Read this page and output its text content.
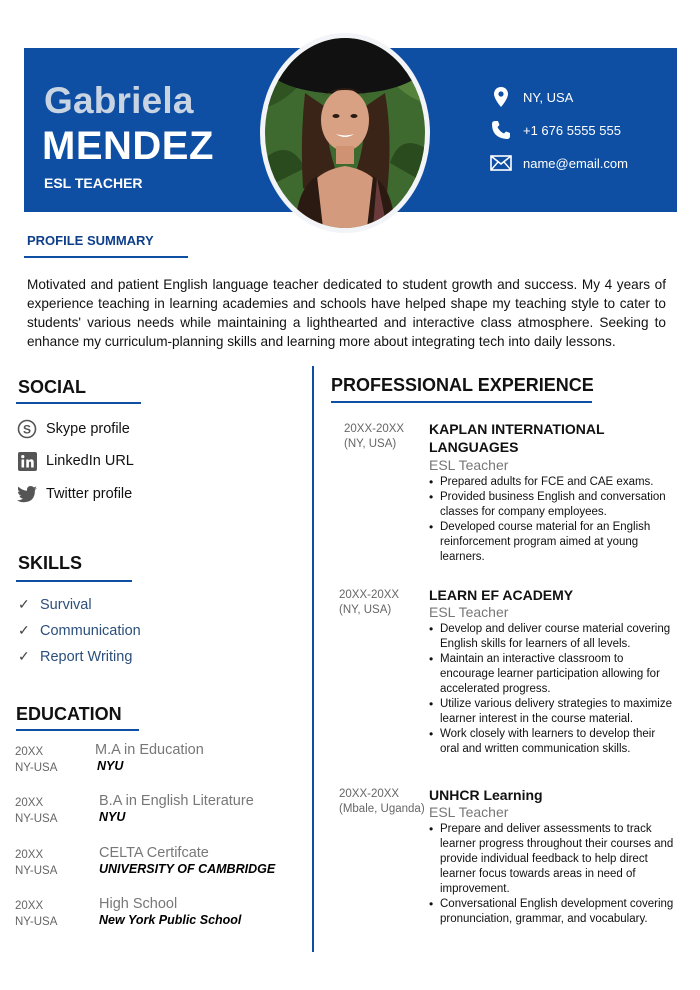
Gabriela
MENDEZ
ESL TEACHER
NY, USA
+1 676 5555 555
name@email.com
PROFILE SUMMARY
Motivated and patient English language teacher dedicated to student growth and success. My 4 years of experience teaching in learning academies and schools have helped shape my teaching style to cater to students' various needs while maintaining a lighthearted and interactive class atmosphere. Seeking to enhance my curriculum-planning skills and learning more about integrating tech into daily lessons.
SOCIAL
S Skype profile
LinkedIn URL
Twitter profile
SKILLS
✓ Survival
✓ Communication
✓ Report Writing
EDUCATION
20XX
NY-USA
M.A in Education
NYU
20XX
NY-USA
B.A in English Literature
NYU
20XX
NY-USA
CELTA Certifcate
UNIVERSITY OF CAMBRIDGE
20XX
NY-USA
High School
New York Public School
PROFESSIONAL EXPERIENCE
20XX-20XX
(NY, USA)
KAPLAN INTERNATIONAL
LANGUAGES
ESL Teacher
• Prepared adults for FCE and CAE exams.
• Provided business English and conversation classes for company employees.
• Developed course material for an English reinforcement program aimed at young learners.
20XX-20XX
(NY, USA)
LEARN EF ACADEMY
ESL Teacher
• Develop and deliver course material covering English skills for learners of all levels.
• Maintain an interactive classroom to encourage learner participation allowing for accelerated progress.
• Utilize various delivery strategies to maximize learner interest in the course material.
• Work closely with learners to develop their oral and written communication skills.
20XX-20XX
(Mbale, Uganda)
UNHCR Learning
ESL Teacher
• Prepare and deliver assessments to track learner progress throughout their courses and provide individual feedback to help direct learner focus towards areas in need of improvement.
• Conversational English development covering pronunciation, grammar, and vocabulary.
